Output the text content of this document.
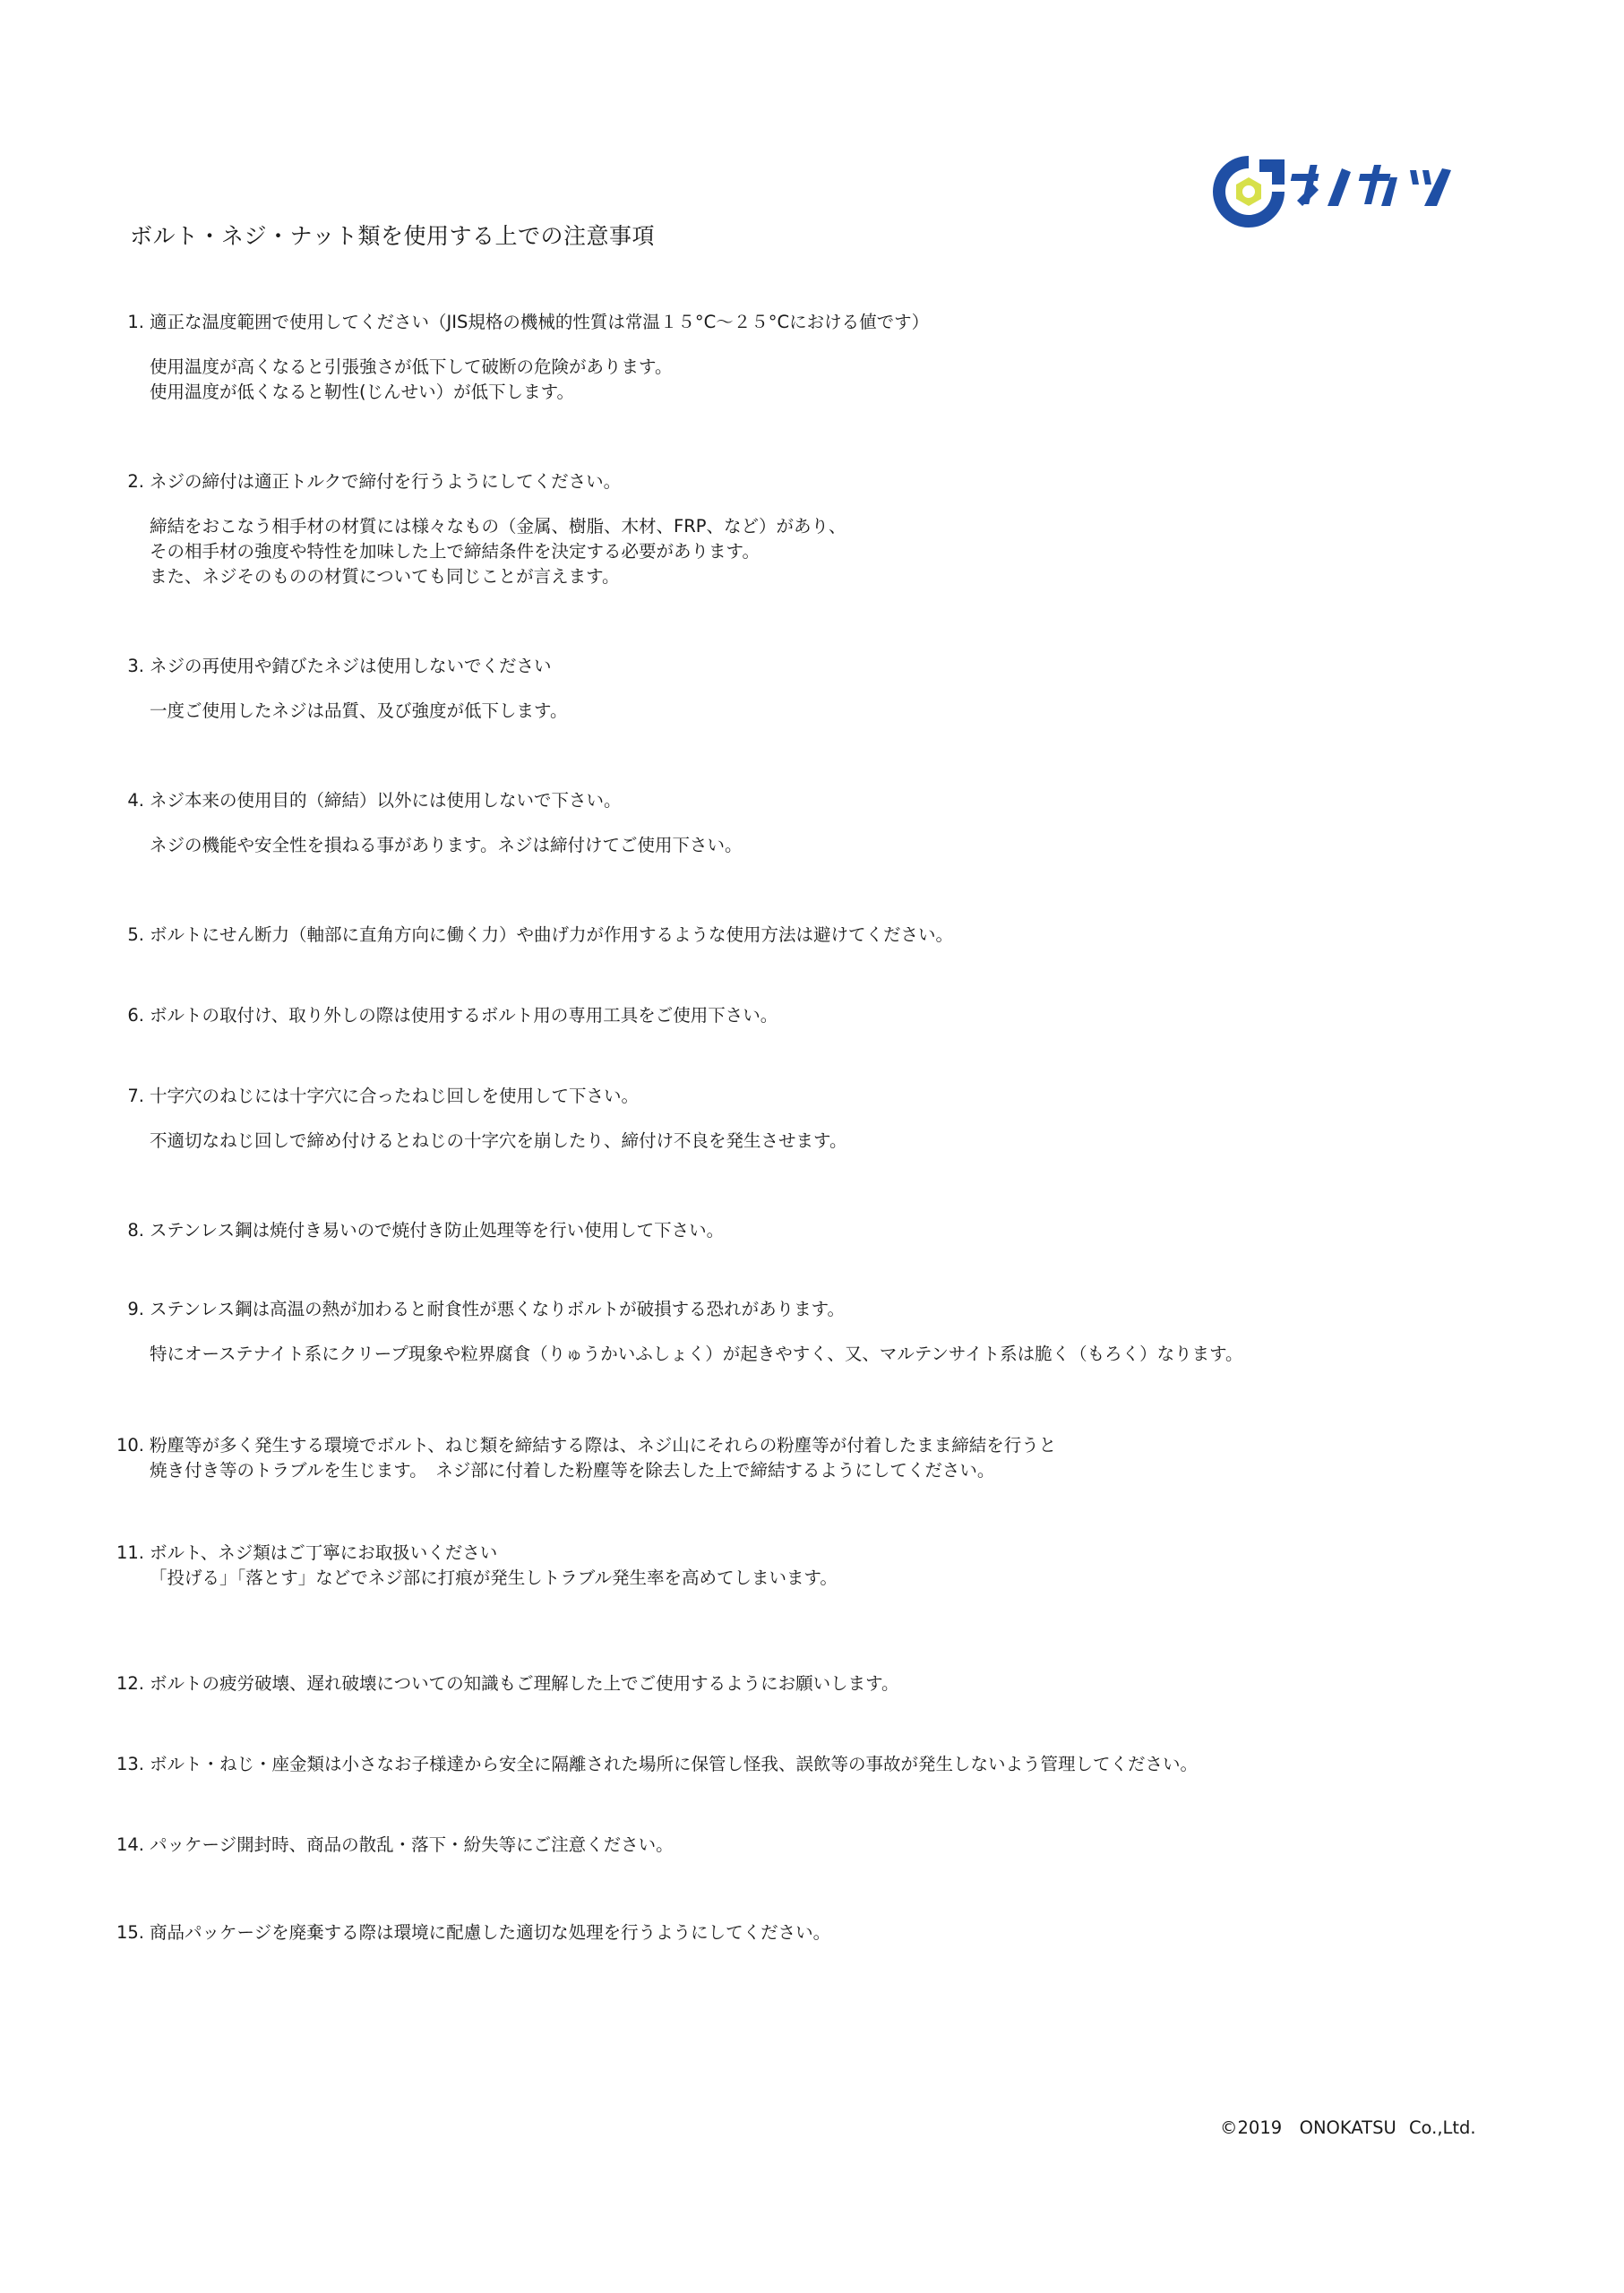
ボルト・ネジ・ナット類を使用する上での注意事項
1. 適正な温度範囲で使用してください（JIS規格の機械的性質は常温１５°C〜２５°Cにおける値です）
使用温度が高くなると引張強さが低下して破断の危険があります。
使用温度が低くなると靭性(じんせい）が低下します。
2. ネジの締付は適正トルクで締付を行うようにしてください。
締結をおこなう相手材の材質には様々なもの（金属、樹脂、木材、FRP、など）があり、
その相手材の強度や特性を加味した上で締結条件を決定する必要があります。
また、ネジそのものの材質についても同じことが言えます。
3. ネジの再使用や錆びたネジは使用しないでください
一度ご使用したネジは品質、及び強度が低下します。
4. ネジ本来の使用目的（締結）以外には使用しないで下さい。
ネジの機能や安全性を損ねる事があります。ネジは締付けてご使用下さい。
5. ボルトにせん断力（軸部に直角方向に働く力）や曲げ力が作用するような使用方法は避けてください。
6. ボルトの取付け、取り外しの際は使用するボルト用の専用工具をご使用下さい。
7. 十字穴のねじには十字穴に合ったねじ回しを使用して下さい。
不適切なねじ回しで締め付けるとねじの十字穴を崩したり、締付け不良を発生させます。
8. ステンレス鋼は焼付き易いので焼付き防止処理等を行い使用して下さい。
9. ステンレス鋼は高温の熱が加わると耐食性が悪くなりボルトが破損する恐れがあります。
特にオーステナイト系にクリープ現象や粒界腐食（りゅうかいふしょく）が起きやすく、又、マルテンサイト系は脆く（もろく）なります。
10. 粉塵等が多く発生する環境でボルト、ねじ類を締結する際は、ネジ山にそれらの粉塵等が付着したまま締結を行うと
焼き付き等のトラブルを生じます。　ネジ部に付着した粉塵等を除去した上で締結するようにしてください。
11. ボルト、ネジ類はご丁寧にお取扱いください
「投げる」「落とす」などでネジ部に打痕が発生しトラブル発生率を高めてしまいます。
12. ボルトの疲労破壊、遅れ破壊についての知識もご理解した上でご使用するようにお願いします。
13. ボルト・ねじ・座金類は小さなお子様達から安全に隔離された場所に保管し怪我、誤飲等の事故が発生しないよう管理してください。
14. パッケージ開封時、商品の散乱・落下・紛失等にご注意ください。
15. 商品パッケージを廃棄する際は環境に配慮した適切な処理を行うようにしてください。
©2019　ONOKATSU Co.,Ltd.
